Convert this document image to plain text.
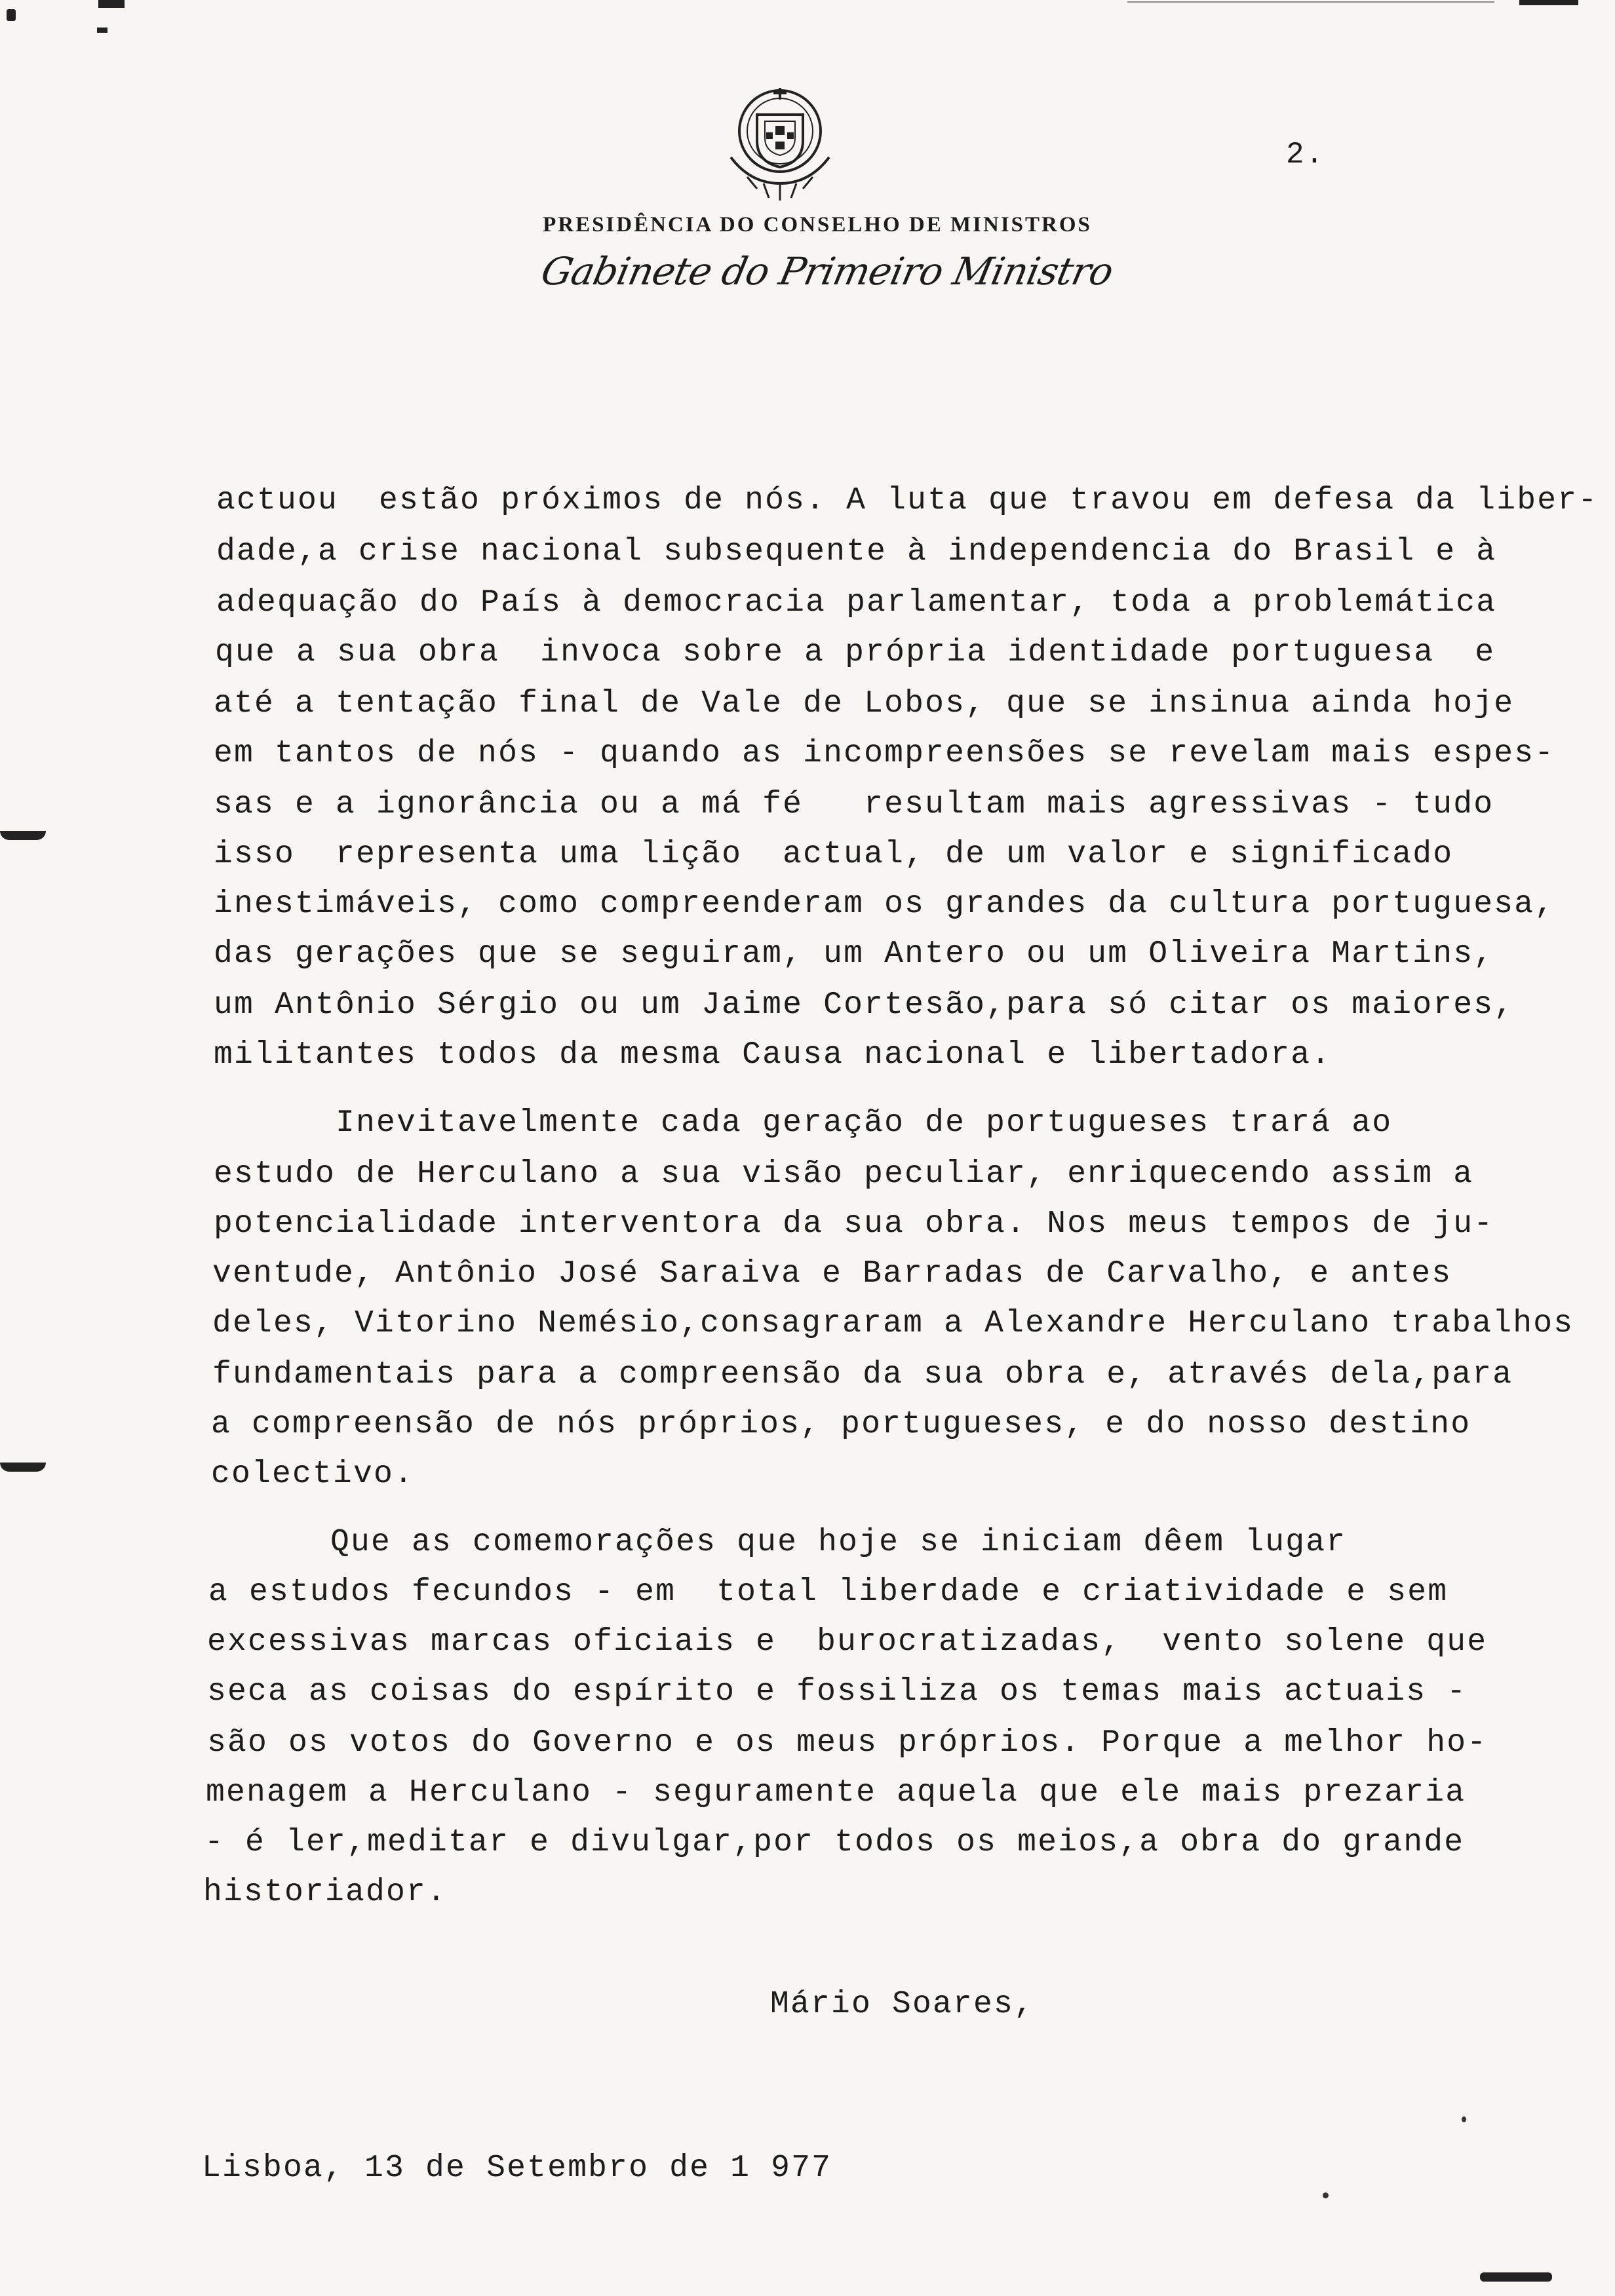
2.
PRESIDÊNCIA DO CONSELHO DE MINISTROS
Gabinete do Primeiro Ministro
actuou  estão próximos de nós. A luta que travou em defesa da liber-
dade,a crise nacional subsequente à independencia do Brasil e à
adequação do País à democracia parlamentar, toda a problemática
que a sua obra  invoca sobre a própria identidade portuguesa  e
até a tentação final de Vale de Lobos, que se insinua ainda hoje
em tantos de nós - quando as incompreensões se revelam mais espes-
sas e a ignorância ou a má fé   resultam mais agressivas - tudo
isso  representa uma lição  actual, de um valor e significado
inestimáveis, como compreenderam os grandes da cultura portuguesa,
das gerações que se seguiram, um Antero ou um Oliveira Martins,
um Antônio Sérgio ou um Jaime Cortesão,para só citar os maiores,
militantes todos da mesma Causa nacional e libertadora.
Inevitavelmente cada geração de portugueses trará ao
estudo de Herculano a sua visão peculiar, enriquecendo assim a
potencialidade interventora da sua obra. Nos meus tempos de ju-
ventude, Antônio José Saraiva e Barradas de Carvalho, e antes
deles, Vitorino Nemésio,consagraram a Alexandre Herculano trabalhos
fundamentais para a compreensão da sua obra e, através dela,para
a compreensão de nós próprios, portugueses, e do nosso destino
colectivo.
Que as comemorações que hoje se iniciam dêem lugar
a estudos fecundos - em  total liberdade e criatividade e sem
excessivas marcas oficiais e  burocratizadas,  vento solene que
seca as coisas do espírito e fossiliza os temas mais actuais -
são os votos do Governo e os meus próprios. Porque a melhor ho-
menagem a Herculano - seguramente aquela que ele mais prezaria
- é ler,meditar e divulgar,por todos os meios,a obra do grande
historiador.
Mário Soares,
Lisboa, 13 de Setembro de 1 977
